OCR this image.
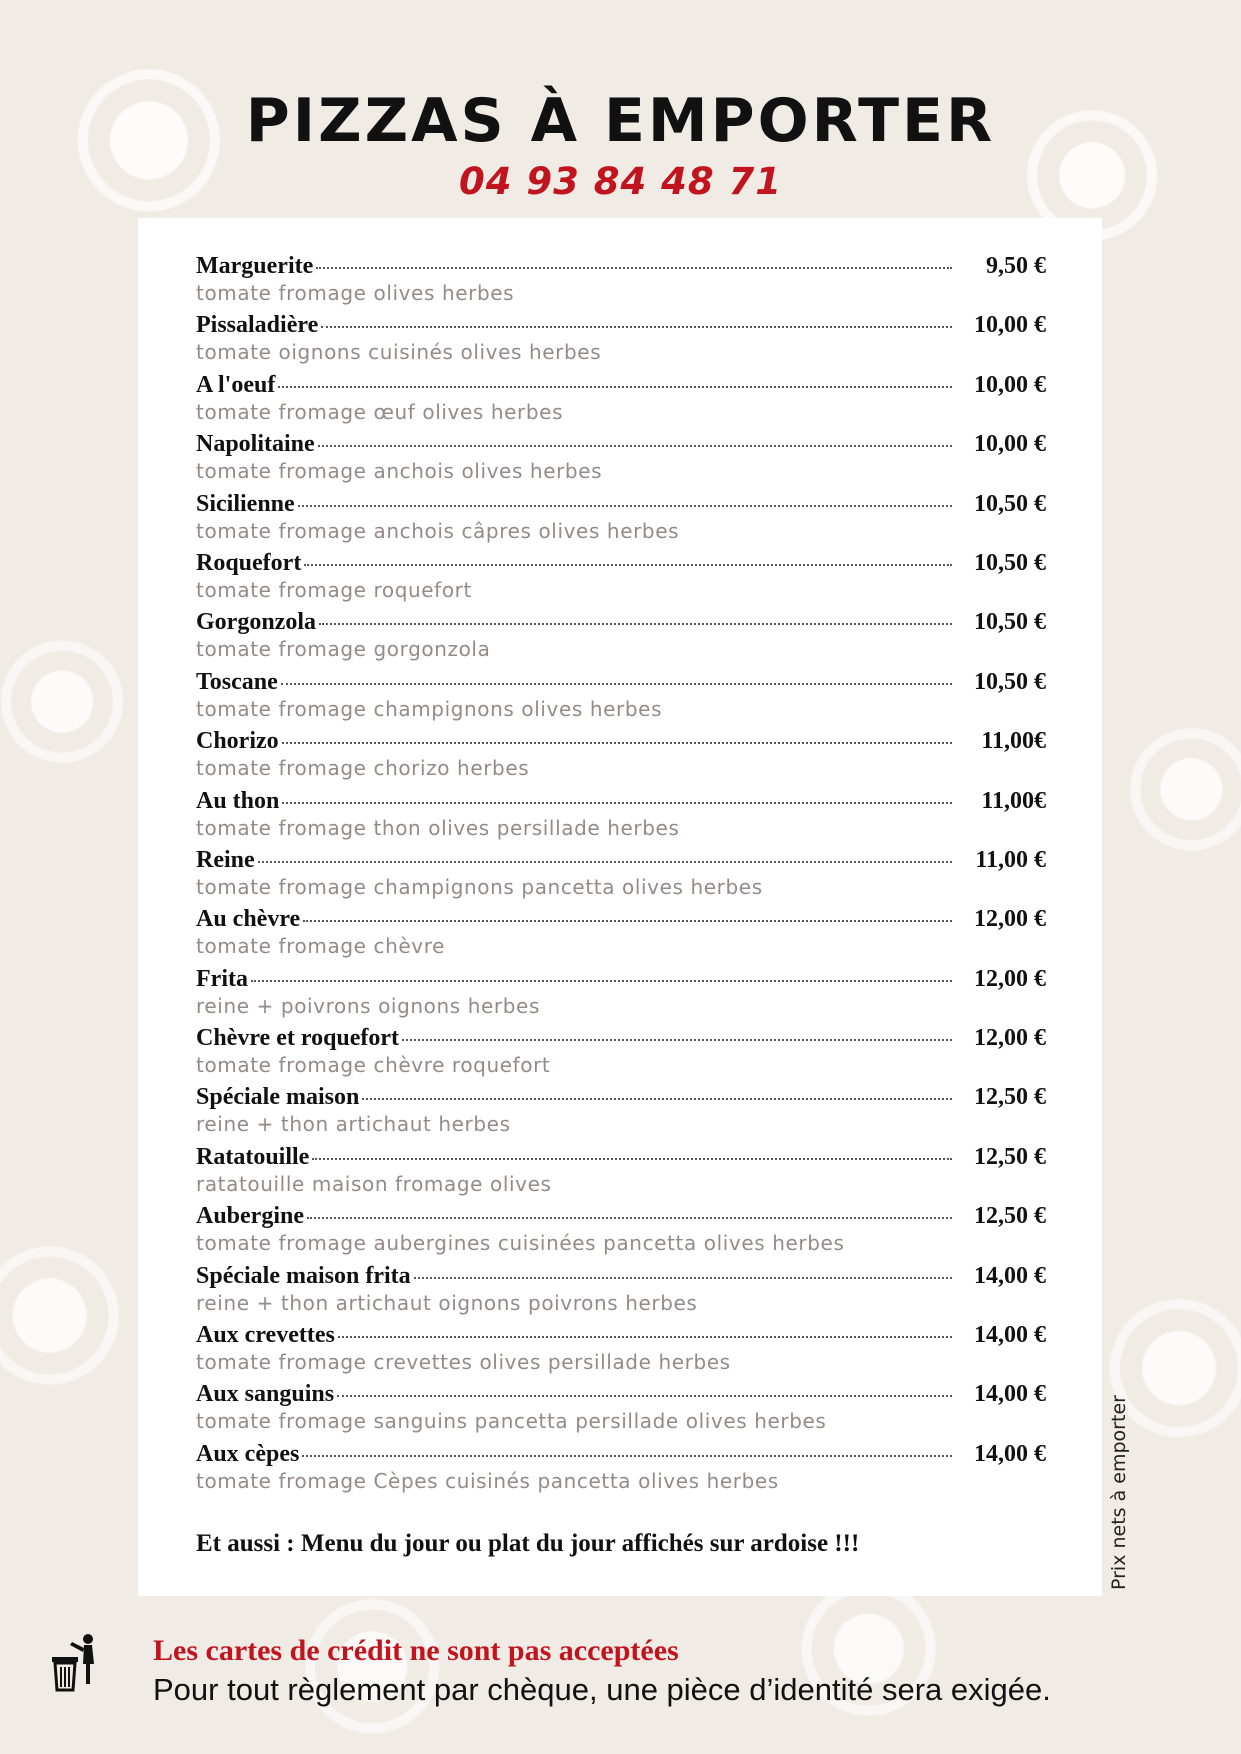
PIZZAS À EMPORTER
04 93 84 48 71
Marguerite	9,50 €
tomate fromage olives herbes
Pissaladière	10,00 €
tomate oignons cuisinés olives herbes
A l'oeuf	10,00 €
tomate fromage œuf olives herbes
Napolitaine	10,00 €
tomate fromage anchois olives herbes
Sicilienne	10,50 €
tomate fromage anchois câpres olives herbes
Roquefort	10,50 €
tomate fromage roquefort
Gorgonzola	10,50 €
tomate fromage gorgonzola
Toscane	10,50 €
tomate fromage champignons olives herbes
Chorizo	11,00€
tomate fromage chorizo herbes
Au thon	11,00€
tomate fromage thon olives persillade herbes
Reine	11,00 €
tomate fromage champignons pancetta olives herbes
Au chèvre	12,00 €
tomate fromage chèvre
Frita	12,00 €
reine + poivrons oignons herbes
Chèvre et roquefort	12,00 €
tomate fromage chèvre roquefort
Spéciale maison	12,50 €
reine + thon artichaut herbes
Ratatouille	12,50 €
ratatouille maison fromage olives
Aubergine	12,50 €
tomate fromage aubergines cuisinées pancetta olives herbes
Spéciale maison frita	14,00 €
reine + thon artichaut oignons poivrons herbes
Aux crevettes	14,00 €
tomate fromage crevettes olives persillade herbes
Aux sanguins	14,00 €
tomate fromage sanguins pancetta persillade olives herbes
Aux cèpes	14,00 €
tomate fromage Cèpes cuisinés pancetta olives herbes
Et aussi : Menu du jour ou plat du jour affichés sur ardoise !!!	Prix nets à emporter
Les cartes de crédit ne sont pas acceptées
Pour tout règlement par chèque, une pièce d’identité sera exigée.
